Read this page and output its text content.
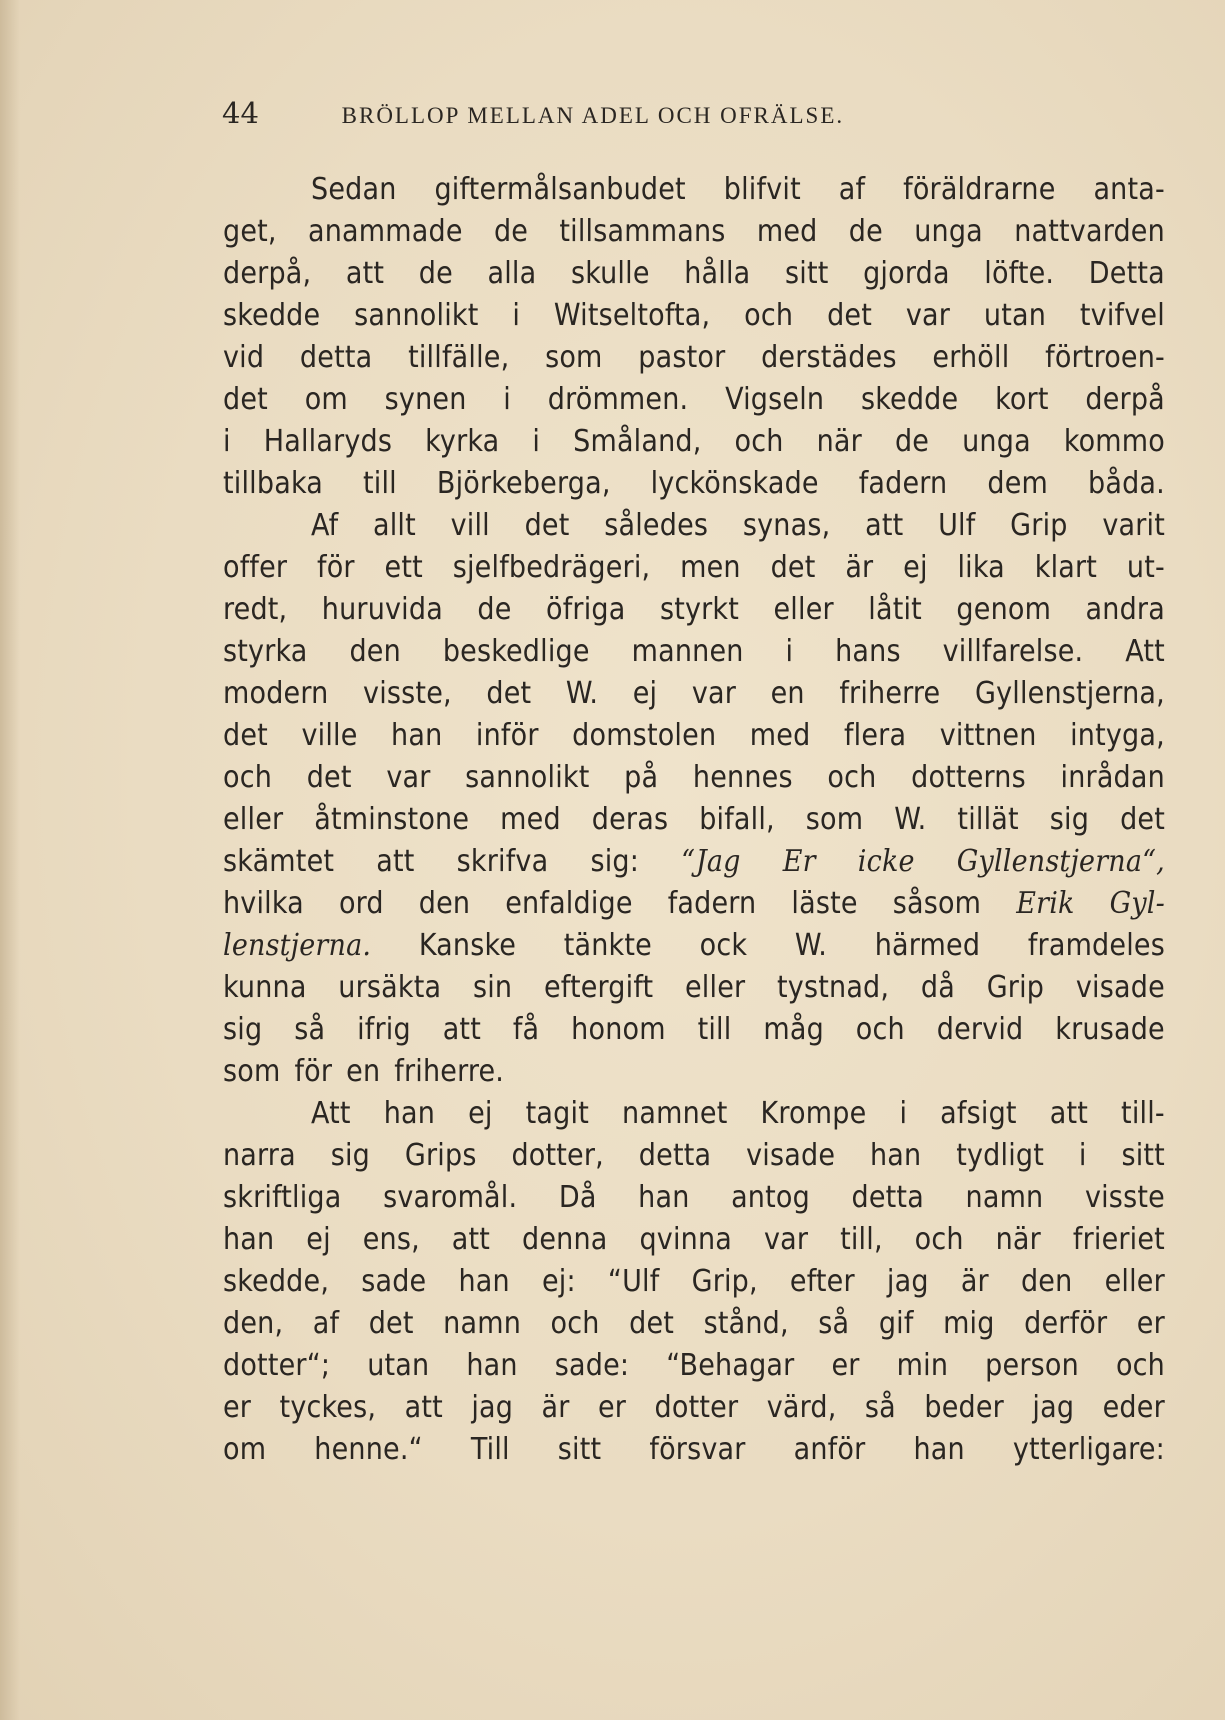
44	BRÖLLOP MELLAN ADEL OCH OFRÄLSE.
Sedan giftermålsanbudet blifvit af föräldrarne anta-
get, anammade de tillsammans med de unga nattvarden
derpå, att de alla skulle hålla sitt gjorda löfte. Detta
skedde sannolikt i Witseltofta, och det var utan tvifvel
vid detta tillfälle, som pastor derstädes erhöll förtroen-
det om synen i drömmen. Vigseln skedde kort derpå
i Hallaryds kyrka i Småland, och när de unga kommo
tillbaka till Björkeberga, lyckönskade fadern dem båda.
Af allt vill det således synas, att Ulf Grip varit
offer för ett sjelfbedrägeri, men det är ej lika klart ut-
redt, huruvida de öfriga styrkt eller låtit genom andra
styrka den beskedlige mannen i hans villfarelse. Att
modern visste, det W. ej var en friherre Gyllenstjerna,
det ville han inför domstolen med flera vittnen intyga,
och det var sannolikt på hennes och dotterns inrådan
eller åtminstone med deras bifall, som W. tillät sig det
skämtet att skrifva sig: “Jag Er icke Gyllenstjerna“,
hvilka ord den enfaldige fadern läste såsom Erik Gyl-
lenstjerna. Kanske tänkte ock W. härmed framdeles
kunna ursäkta sin eftergift eller tystnad, då Grip visade
sig så ifrig att få honom till måg och dervid krusade
som för en friherre.
Att han ej tagit namnet Krompe i afsigt att till-
narra sig Grips dotter, detta visade han tydligt i sitt
skriftliga svaromål. Då han antog detta namn visste
han ej ens, att denna qvinna var till, och när frieriet
skedde, sade han ej: “Ulf Grip, efter jag är den eller
den, af det namn och det stånd, så gif mig derför er
dotter“; utan han sade: “Behagar er min person och
er tyckes, att jag är er dotter värd, så beder jag eder
om henne.“ Till sitt försvar anför han ytterligare:
